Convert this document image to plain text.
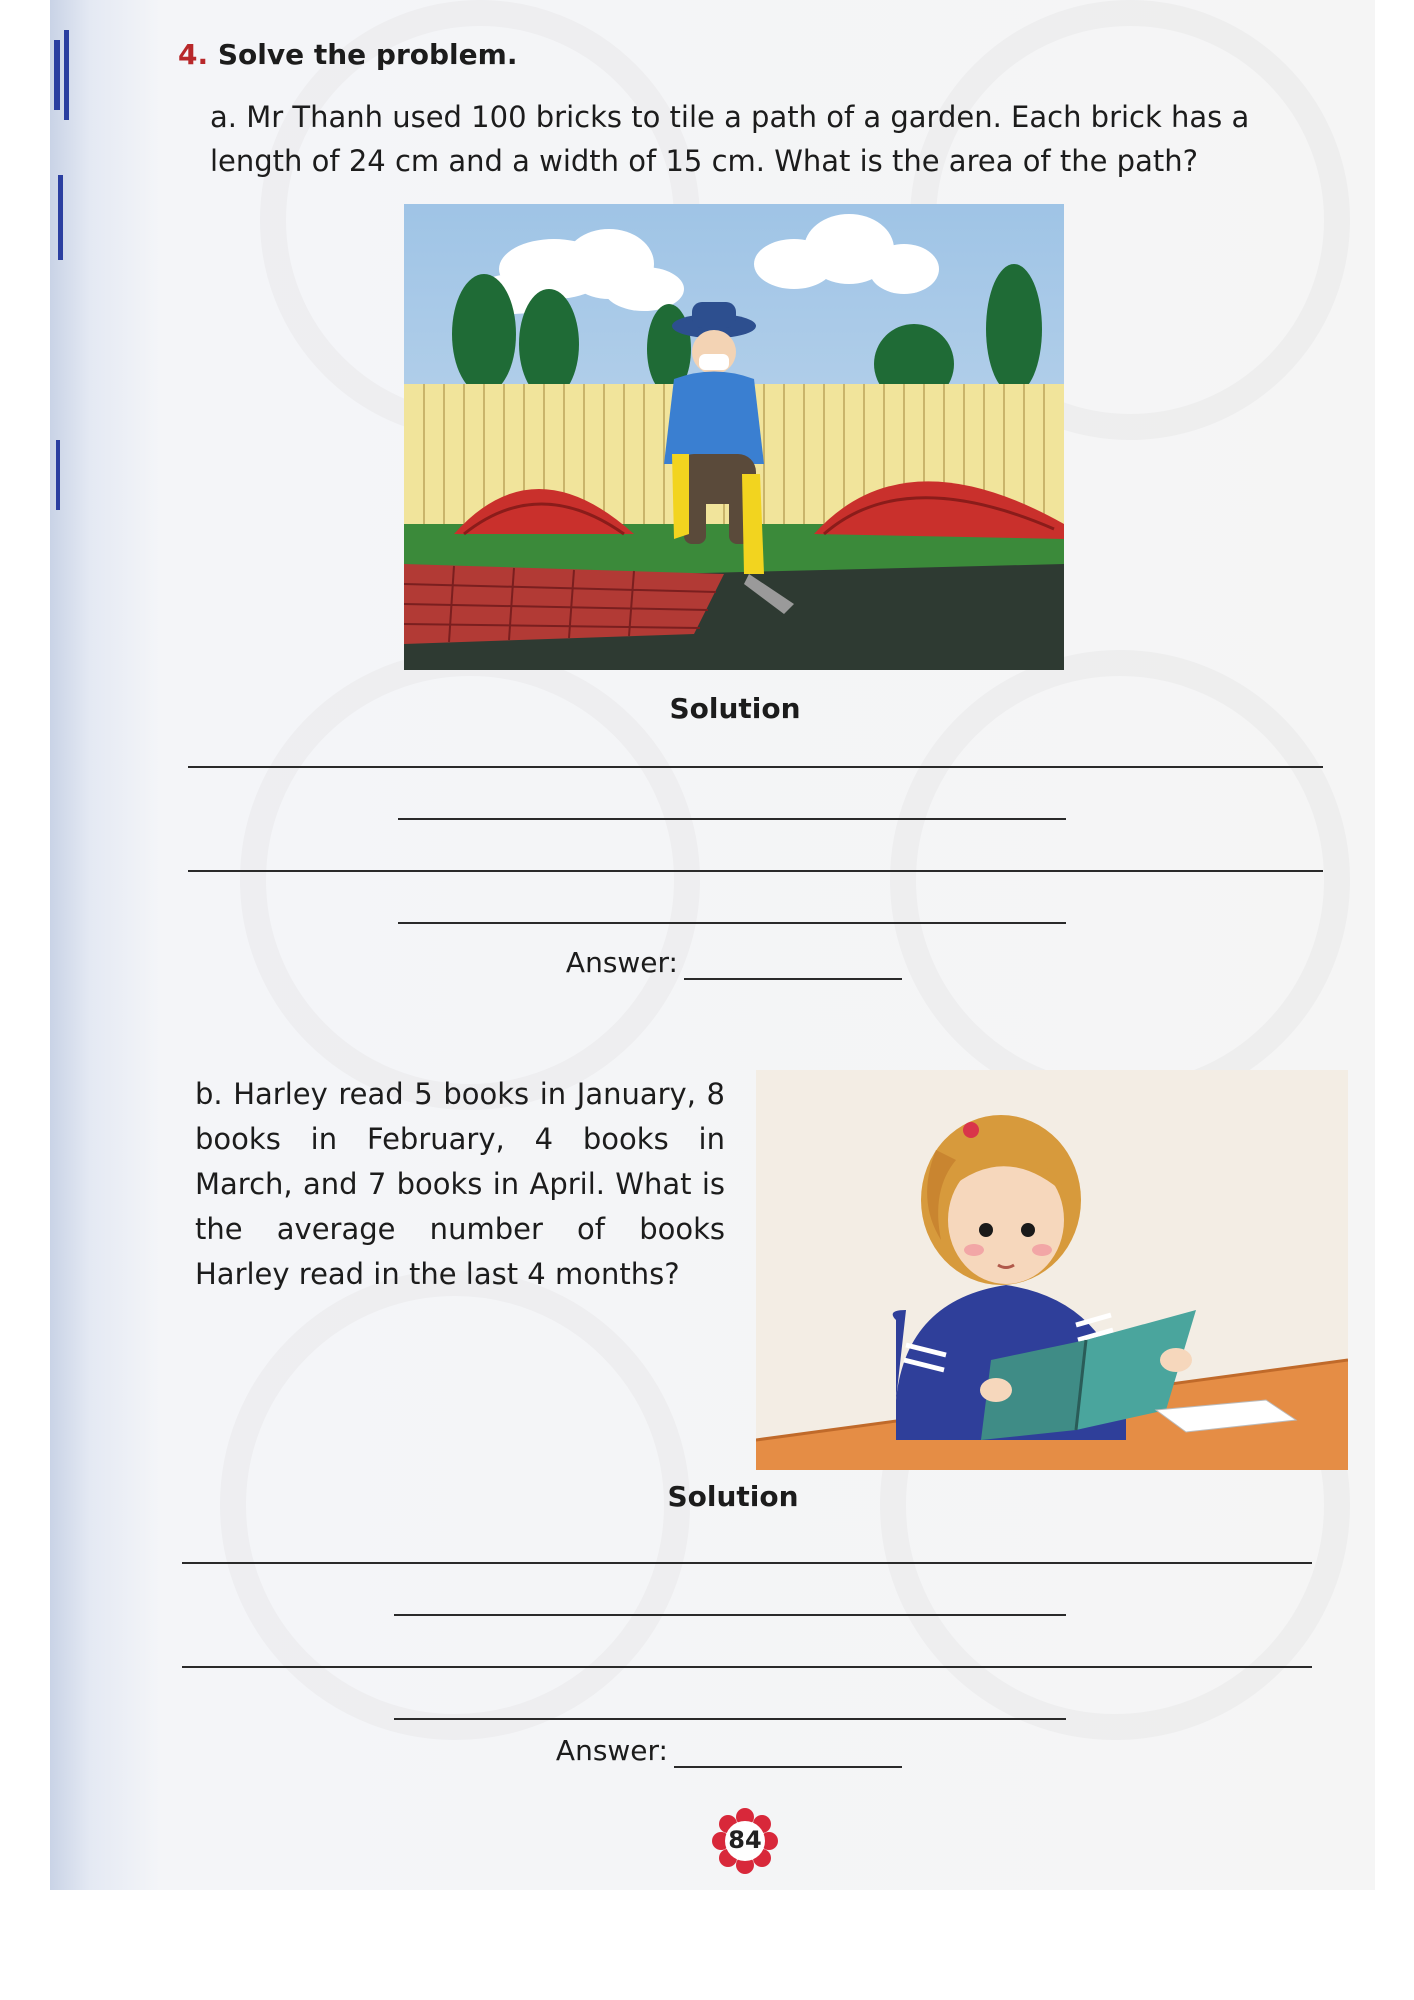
4. Solve the problem.
a. Mr Thanh used 100 bricks to tile a path of a garden. Each brick has a length of 24 cm and a width of 15 cm. What is the area of the path?
Solution
Answer:
b. Harley read 5 books in January, 8 books in February, 4 books in March, and 7 books in April. What is the average number of books Harley read in the last 4 months?
Solution
Answer:
84
